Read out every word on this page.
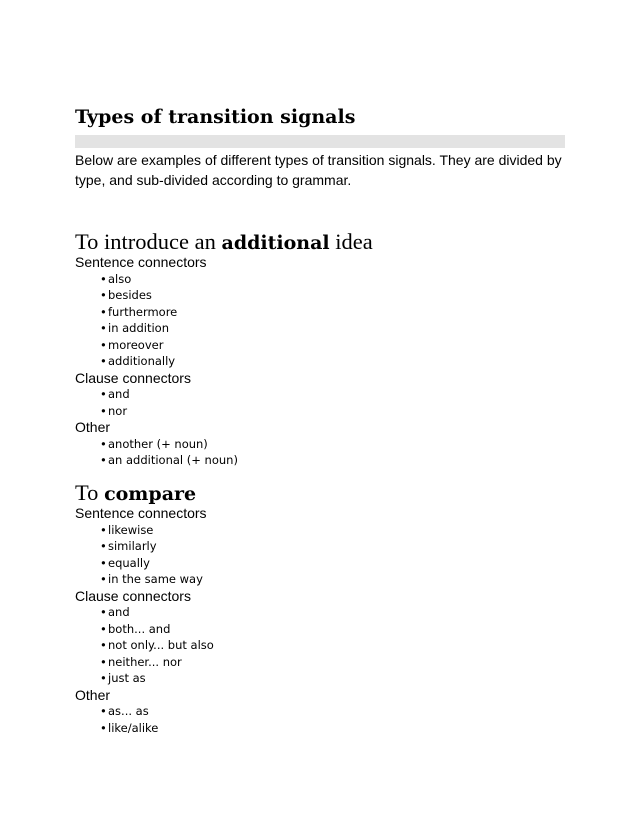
Types of transition signals

Below are examples of different types of transition signals. They are divided by type, and sub-divided according to grammar.

To introduce an additional idea
Sentence connectors
•also
•besides
•furthermore
•in addition
•moreover
•additionally
Clause connectors
•and
•nor
Other
•another (+ noun)
•an additional (+ noun)
To compare
Sentence connectors
•likewise
•similarly
•equally
•in the same way
Clause connectors
•and
•both... and
•not only... but also
•neither... nor
•just as
Other
•as... as
•like/alike
